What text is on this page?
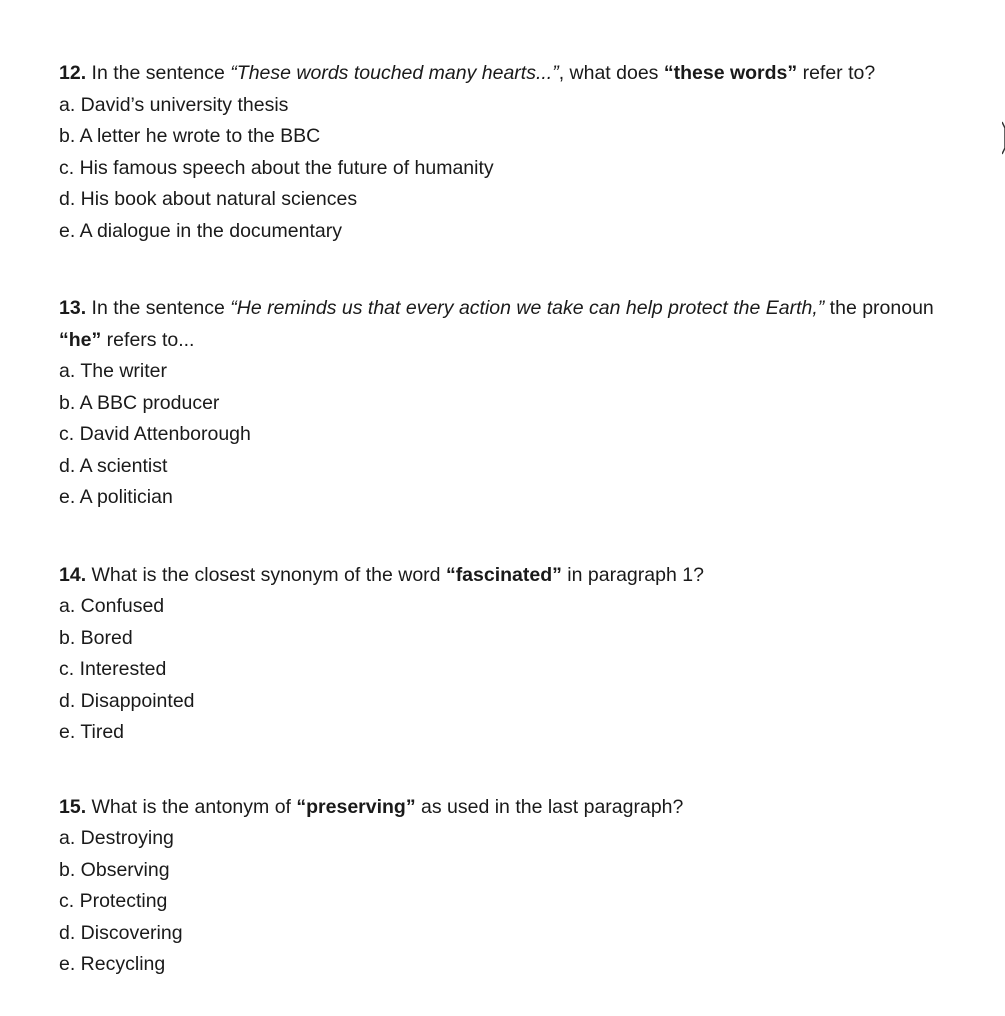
12. In the sentence “These words touched many hearts...”, what does “these words” refer to?

a. David’s university thesis

b. A letter he wrote to the BBC

c. His famous speech about the future of humanity

d. His book about natural sciences

e. A dialogue in the documentary

13. In the sentence “He reminds us that every action we take can help protect the Earth,” the pronoun

“he” refers to...

a. The writer

b. A BBC producer

c. David Attenborough

d. A scientist

e. A politician

14. What is the closest synonym of the word “fascinated” in paragraph 1?

a. Confused

b. Bored

c. Interested

d. Disappointed

e. Tired

15. What is the antonym of “preserving” as used in the last paragraph?

a. Destroying

b. Observing

c. Protecting

d. Discovering

e. Recycling
